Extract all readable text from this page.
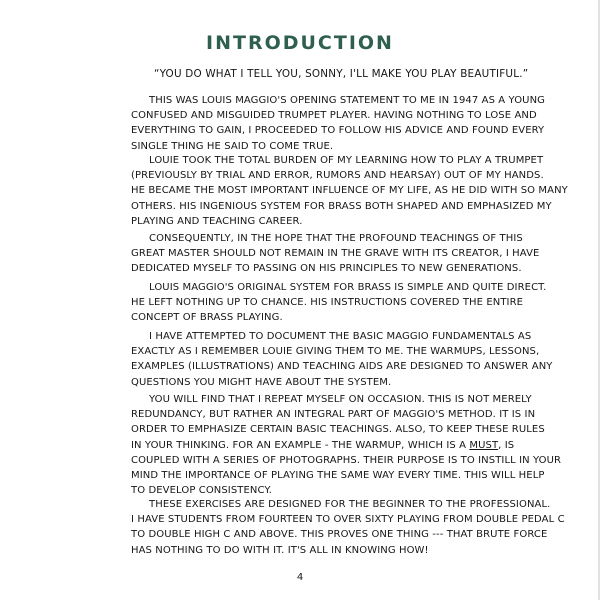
INTRODUCTION
“YOU DO WHAT I TELL YOU, SONNY, I'LL MAKE YOU PLAY BEAUTIFUL.”
THIS WAS LOUIS MAGGIO'S OPENING STATEMENT TO ME IN 1947 AS A YOUNG
CONFUSED AND MISGUIDED TRUMPET PLAYER. HAVING NOTHING TO LOSE AND
EVERYTHING TO GAIN, I PROCEEDED TO FOLLOW HIS ADVICE AND FOUND EVERY
SINGLE THING HE SAID TO COME TRUE.
LOUIE TOOK THE TOTAL BURDEN OF MY LEARNING HOW TO PLAY A TRUMPET
(PREVIOUSLY BY TRIAL AND ERROR, RUMORS AND HEARSAY) OUT OF MY HANDS.
HE BECAME THE MOST IMPORTANT INFLUENCE OF MY LIFE, AS HE DID WITH SO MANY
OTHERS. HIS INGENIOUS SYSTEM FOR BRASS BOTH SHAPED AND EMPHASIZED MY
PLAYING AND TEACHING CAREER.
CONSEQUENTLY, IN THE HOPE THAT THE PROFOUND TEACHINGS OF THIS
GREAT MASTER SHOULD NOT REMAIN IN THE GRAVE WITH ITS CREATOR, I HAVE
DEDICATED MYSELF TO PASSING ON HIS PRINCIPLES TO NEW GENERATIONS.
LOUIS MAGGIO'S ORIGINAL SYSTEM FOR BRASS IS SIMPLE AND QUITE DIRECT.
HE LEFT NOTHING UP TO CHANCE. HIS INSTRUCTIONS COVERED THE ENTIRE
CONCEPT OF BRASS PLAYING.
I HAVE ATTEMPTED TO DOCUMENT THE BASIC MAGGIO FUNDAMENTALS AS
EXACTLY AS I REMEMBER LOUIE GIVING THEM TO ME. THE WARMUPS, LESSONS,
EXAMPLES (ILLUSTRATIONS) AND TEACHING AIDS ARE DESIGNED TO ANSWER ANY
QUESTIONS YOU MIGHT HAVE ABOUT THE SYSTEM.
YOU WILL FIND THAT I REPEAT MYSELF ON OCCASION. THIS IS NOT MERELY
REDUNDANCY, BUT RATHER AN INTEGRAL PART OF MAGGIO'S METHOD. IT IS IN
ORDER TO EMPHASIZE CERTAIN BASIC TEACHINGS. ALSO, TO KEEP THESE RULES
IN YOUR THINKING. FOR AN EXAMPLE - THE WARMUP, WHICH IS A MUST, IS
COUPLED WITH A SERIES OF PHOTOGRAPHS. THEIR PURPOSE IS TO INSTILL IN YOUR
MIND THE IMPORTANCE OF PLAYING THE SAME WAY EVERY TIME. THIS WILL HELP
TO DEVELOP CONSISTENCY.
THESE EXERCISES ARE DESIGNED FOR THE BEGINNER TO THE PROFESSIONAL.
I HAVE STUDENTS FROM FOURTEEN TO OVER SIXTY PLAYING FROM DOUBLE PEDAL C
TO DOUBLE HIGH C AND ABOVE. THIS PROVES ONE THING --- THAT BRUTE FORCE
HAS NOTHING TO DO WITH IT. IT'S ALL IN KNOWING HOW!
4
